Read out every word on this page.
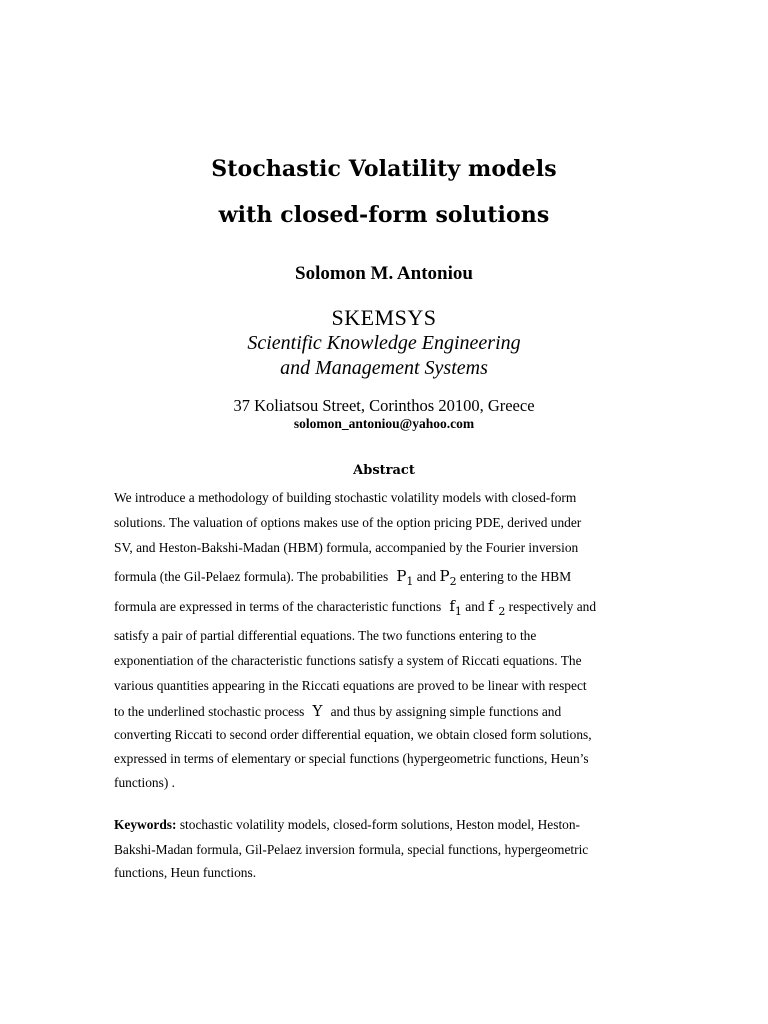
Stochastic Volatility models
with closed-form solutions
Solomon M. Antoniou
SKEMSYS
Scientific Knowledge Engineering
and Management Systems
37 Koliatsou Street, Corinthos 20100, Greece
solomon_antoniou@yahoo.com
Abstract
We introduce a methodology of building stochastic volatility models with closed-form
solutions. The valuation of options makes use of the option pricing PDE, derived under
SV, and Heston-Bakshi-Madan (HBM) formula, accompanied by the Fourier inversion
formula (the Gil-Pelaez formula). The probabilities $P_1$ and $P_2$ entering to the HBM
formula are expressed in terms of the characteristic functions $f_1$ and f $_2$ respectively and
satisfy a pair of partial differential equations. The two functions entering to the
exponentiation of the characteristic functions satisfy a system of Riccati equations. The
various quantities appearing in the Riccati equations are proved to be linear with respect
to the underlined stochastic process Y and thus by assigning simple functions and
converting Riccati to second order differential equation, we obtain closed form solutions,
expressed in terms of elementary or special functions (hypergeometric functions, Heun’s
functions) .
Keywords: stochastic volatility models, closed-form solutions, Heston model, Heston-
Bakshi-Madan formula, Gil-Pelaez inversion formula, special functions, hypergeometric
functions, Heun functions.
